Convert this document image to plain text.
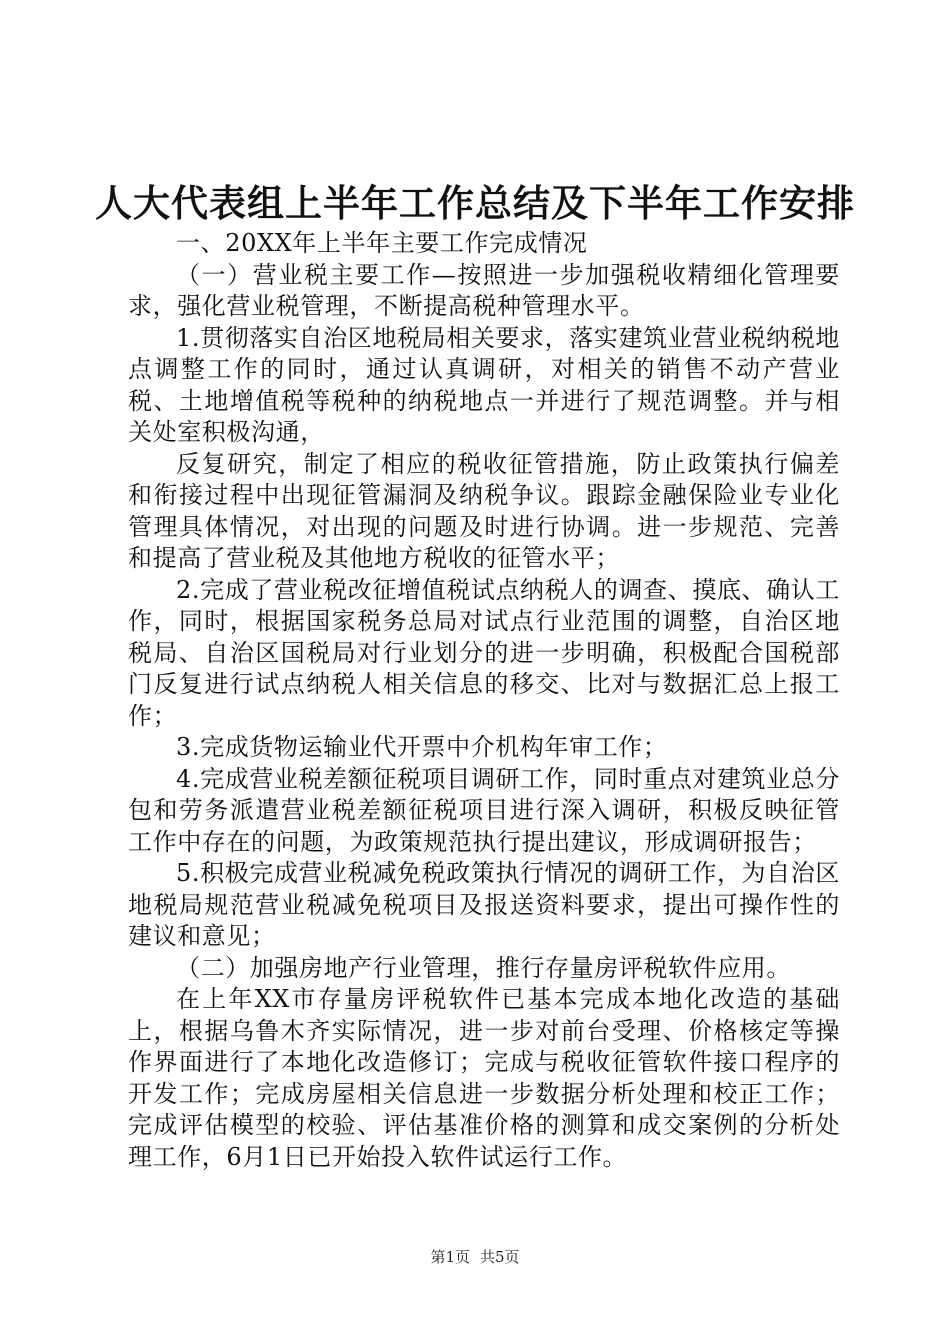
人大代表组上半年工作总结及下半年工作安排

一、20XX年上半年主要工作完成情况

（一）营业税主要工作—按照进一步加强税收精细化管理要求，强化营业税管理，不断提高税种管理水平。

1.贯彻落实自治区地税局相关要求，落实建筑业营业税纳税地点调整工作的同时，通过认真调研，对相关的销售不动产营业税、土地增值税等税种的纳税地点一并进行了规范调整。并与相关处室积极沟通，

反复研究，制定了相应的税收征管措施，防止政策执行偏差和衔接过程中出现征管漏洞及纳税争议。跟踪金融保险业专业化管理具体情况，对出现的问题及时进行协调。进一步规范、完善和提高了营业税及其他地方税收的征管水平；

2.完成了营业税改征增值税试点纳税人的调查、摸底、确认工作，同时，根据国家税务总局对试点行业范围的调整，自治区地税局、自治区国税局对行业划分的进一步明确，积极配合国税部门反复进行试点纳税人相关信息的移交、比对与数据汇总上报工作；

3.完成货物运输业代开票中介机构年审工作；

4.完成营业税差额征税项目调研工作，同时重点对建筑业总分包和劳务派遣营业税差额征税项目进行深入调研，积极反映征管工作中存在的问题，为政策规范执行提出建议，形成调研报告；

5.积极完成营业税减免税政策执行情况的调研工作，为自治区地税局规范营业税减免税项目及报送资料要求，提出可操作性的建议和意见；

（二）加强房地产行业管理，推行存量房评税软件应用。

在上年XX市存量房评税软件已基本完成本地化改造的基础上，根据乌鲁木齐实际情况，进一步对前台受理、价格核定等操作界面进行了本地化改造修订；完成与税收征管软件接口程序的开发工作；完成房屋相关信息进一步数据分析处理和校正工作；完成评估模型的校验、评估基准价格的测算和成交案例的分析处理工作，6月1日已开始投入软件试运行工作。

第1页 共5页
